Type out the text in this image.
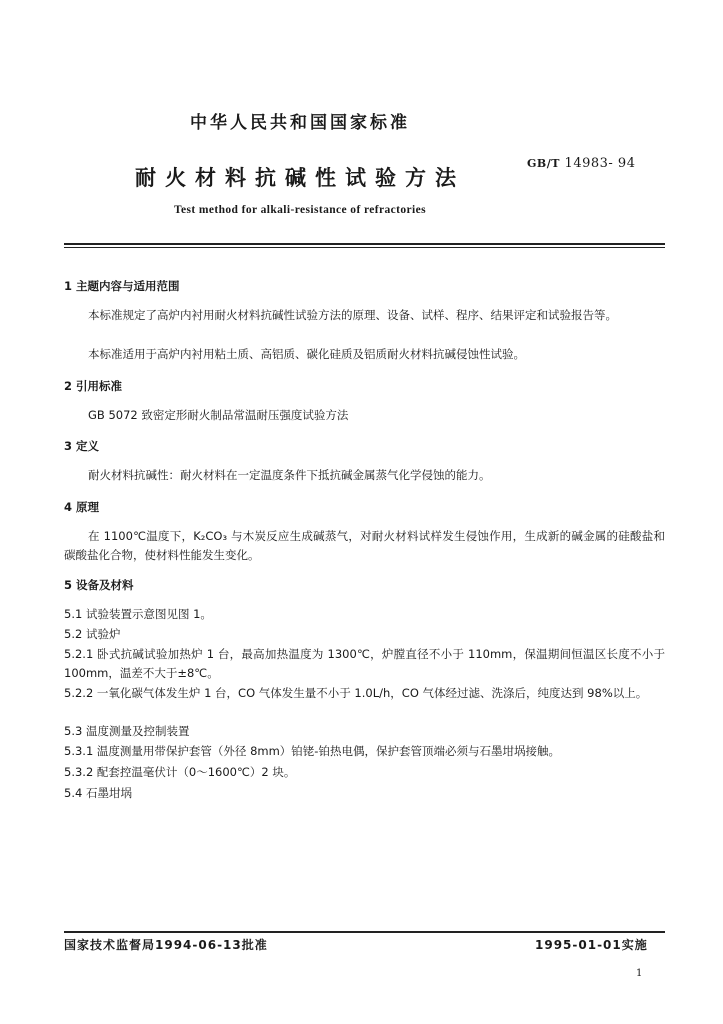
中华人民共和国国家标准
耐火材料抗碱性试验方法
GB/T 14983- 94
Test method for alkali-resistance of refractories
1 主题内容与适用范围
本标准规定了高炉内衬用耐火材料抗碱性试验方法的原理、设备、试样、程序、结果评定和试验报告等。
本标准适用于高炉内衬用粘土质、高铝质、碳化硅质及铝质耐火材料抗碱侵蚀性试验。
2 引用标准
GB 5072 致密定形耐火制品常温耐压强度试验方法
3 定义
耐火材料抗碱性：耐火材料在一定温度条件下抵抗碱金属蒸气化学侵蚀的能力。
4 原理
在 1100℃温度下，K₂CO₃ 与木炭反应生成碱蒸气，对耐火材料试样发生侵蚀作用，生成新的碱金属的硅酸盐和碳酸盐化合物，使材料性能发生变化。
5 设备及材料
5.1 试验装置示意图见图 1。
5.2 试验炉
5.2.1 卧式抗碱试验加热炉 1 台，最高加热温度为 1300℃，炉膛直径不小于 110mm，保温期间恒温区长度不小于 100mm，温差不大于±8℃。
5.2.2 一氧化碳气体发生炉 1 台，CO 气体发生量不小于 1.0L/h，CO 气体经过滤、洗涤后，纯度达到 98%以上。
5.3 温度测量及控制装置
5.3.1 温度测量用带保护套管（外径 8mm）铂铑-铂热电偶，保护套管顶端必须与石墨坩埚接触。
5.3.2 配套控温毫伏计（0～1600℃）2 块。
5.4 石墨坩埚
国家技术监督局1994-06-13批准	1995-01-01实施
1
